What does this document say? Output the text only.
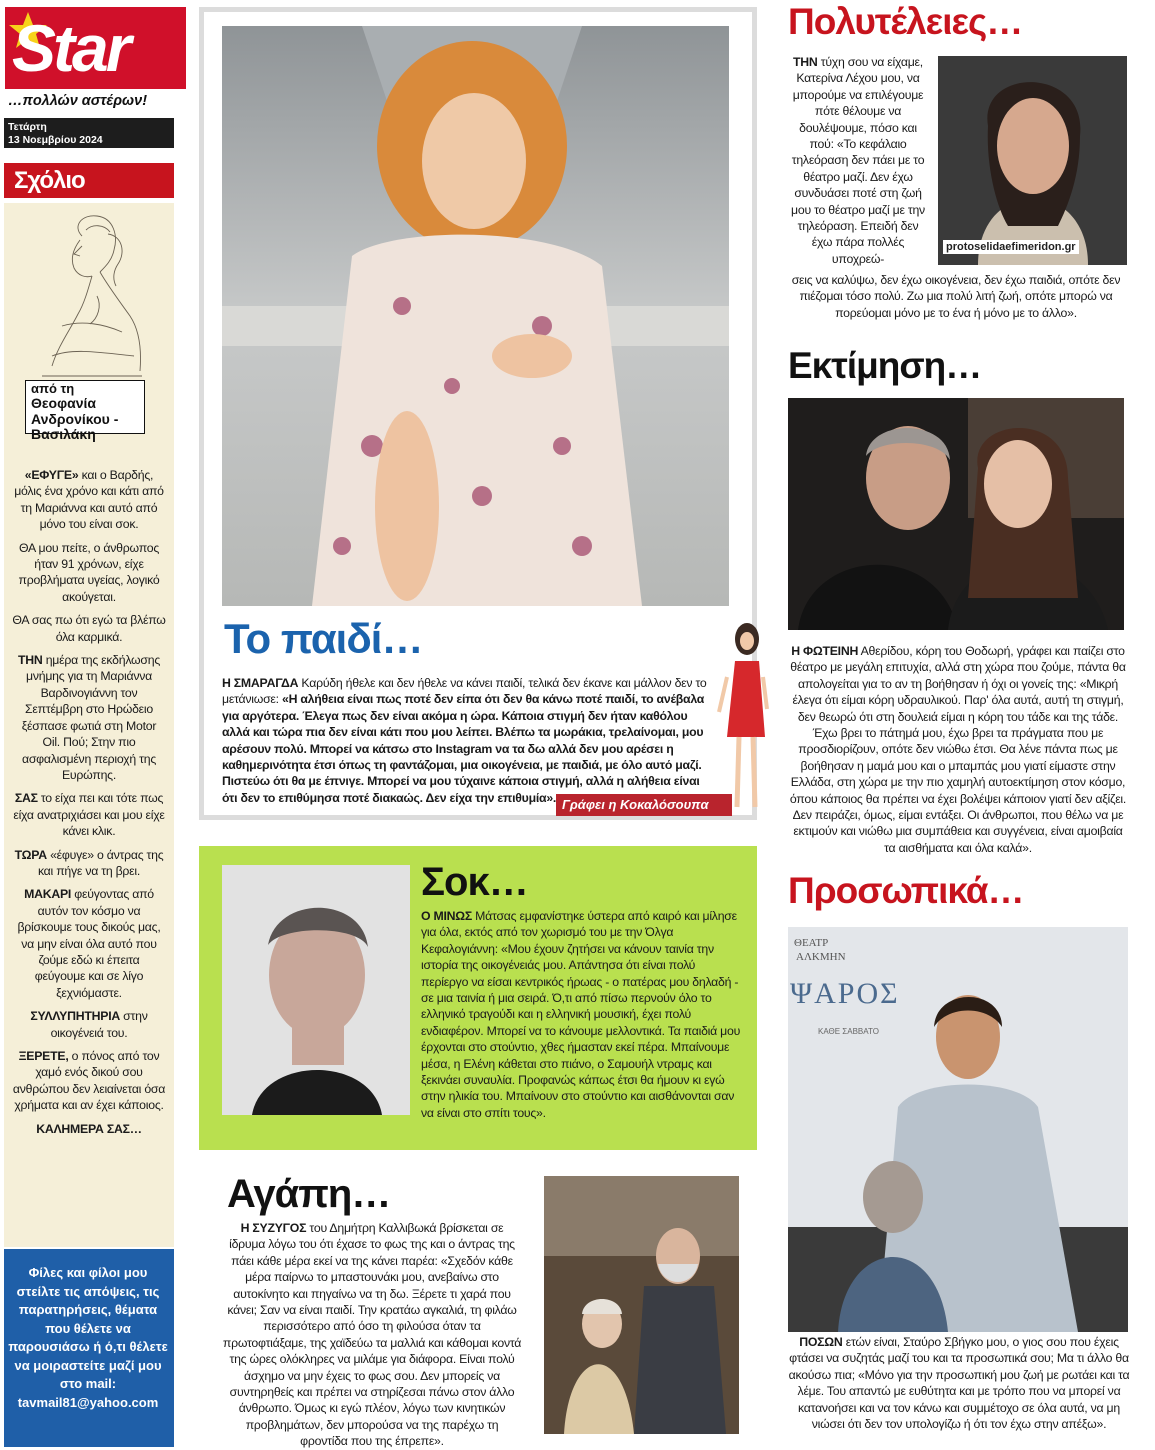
Star
…πολλών αστέρων!
Τετάρτη
13 Νοεμβρίου 2024
Σχόλιο
από τη
Θεοφανία Ανδρονίκου - Βασιλάκη

«ΕΦΥΓΕ» και ο Βαρδής, μόλις ένα χρόνο και κάτι από τη Μαριάννα και αυτό από μόνο του είναι σοκ.

ΘΑ μου πείτε, ο άνθρωπος ήταν 91 χρόνων, είχε προβλήματα υγείας, λογικό ακούγεται.

ΘΑ σας πω ότι εγώ τα βλέπω όλα καρμικά.

ΤΗΝ ημέρα της εκδήλωσης μνήμης για τη Μαριάννα Βαρδινογιάννη τον Σεπτέμβρη στο Ηρώδειο ξέσπασε φωτιά στη Motor Oil. Πού; Στην πιο ασφαλισμένη περιοχή της Ευρώπης.

ΣΑΣ το είχα πει και τότε πως είχα ανατριχιάσει και μου είχε κάνει κλικ.

ΤΩΡΑ «έφυγε» ο άντρας της και πήγε να τη βρει.

ΜΑΚΑΡΙ φεύγοντας από αυτόν τον κόσμο να βρίσκουμε τους δικούς μας, να μην είναι όλα αυτό που ζούμε εδώ κι έπειτα φεύγουμε και σε λίγο ξεχνιόμαστε.

ΣΥΛΛΥΠΗΤΗΡΙΑ στην οικογένειά του.

ΞΕΡΕΤΕ, ο πόνος από τον χαμό ενός δικού σου ανθρώπου δεν λειαίνεται όσα χρήματα και αν έχει κάποιος.

ΚΑΛΗΜΕΡΑ ΣΑΣ…

Φίλες και φίλοι μου στείλτε τις απόψεις, τις παρατηρήσεις, θέματα που θέλετε να παρουσιάσω ή ό,τι θέλετε να μοιραστείτε μαζί μου στο mail: tavmail81@yahoo.com
Το παιδί…
Η ΣΜΑΡΑΓΔΑ Καρύδη ήθελε και δεν ήθελε να κάνει παιδί, τελικά δεν έκανε και μάλλον δεν το μετάνιωσε: «Η αλήθεια είναι πως ποτέ δεν είπα ότι δεν θα κάνω ποτέ παιδί, το ανέβαλα για αργότερα. Έλεγα πως δεν είναι ακόμα η ώρα. Κάποια στιγμή δεν ήταν καθόλου αλλά και τώρα πια δεν είναι κάτι που μου λείπει. Βλέπω τα μωράκια, τρελαίνομαι, μου αρέσουν πολύ. Μπορεί να κάτσω στο Instagram να τα δω αλλά δεν μου αρέσει η καθημερινότητα έτσι όπως τη φαντάζομαι, μια οικογένεια, με παιδιά, με όλο αυτό μαζί. Πιστεύω ότι θα με έπνιγε. Μπορεί να μου τύχαινε κάποια στιγμή, αλλά η αλήθεια είναι ότι δεν το επιθύμησα ποτέ διακαώς. Δεν είχα την επιθυμία». Γράφει η Κοκαλόσουπα
Σοκ…
Ο ΜΙΝΩΣ Μάτσας εμφανίστηκε ύστερα από καιρό και μίλησε για όλα, εκτός από τον χωρισμό του με την Όλγα Κεφαλογιάννη: «Μου έχουν ζητήσει να κάνουν ταινία την ιστορία της οικογένειάς μου. Απάντησα ότι είναι πολύ περίεργο να είσαι κεντρικός ήρωας - ο πατέρας μου δηλαδή - σε μια ταινία ή μια σειρά. Ό,τι από πίσω περνούν όλο το ελληνικό τραγούδι και η ελληνική μουσική, έχει πολύ ενδιαφέρον. Μπορεί να το κάνουμε μελλοντικά. Τα παιδιά μου έρχονται στο στούντιο, χθες ήμασταν εκεί πέρα. Μπαίνουμε μέσα, η Ελένη κάθεται στο πιάνο, ο Σαμουήλ ντραμς και ξεκινάει συναυλία. Προφανώς κάπως έτσι θα ήμουν κι εγώ στην ηλικία του. Μπαίνουν στο στούντιο και αισθάνονται σαν να είναι στο σπίτι τους».
Αγάπη…
Η ΣΥΖΥΓΟΣ του Δημήτρη Καλλιβωκά βρίσκεται σε ίδρυμα λόγω του ότι έχασε το φως της και ο άντρας της πάει κάθε μέρα εκεί να της κάνει παρέα: «Σχεδόν κάθε μέρα παίρνω το μπαστουνάκι μου, ανεβαίνω στο αυτοκίνητο και πηγαίνω να τη δω. Ξέρετε τι χαρά που κάνει; Σαν να είναι παιδί. Την κρατάω αγκαλιά, τη φιλάω περισσότερο από όσο τη φιλούσα όταν τα πρωτοφτιάξαμε, της χαϊδεύω τα μαλλιά και κάθομαι κοντά της ώρες ολόκληρες να μιλάμε για διάφορα. Είναι πολύ άσχημο να μην έχεις το φως σου. Δεν μπορείς να συντηρηθείς και πρέπει να στηρίζεσαι πάνω στον άλλο άνθρωπο. Όμως κι εγώ πλέον, λόγω των κινητικών προβλημάτων, δεν μπορούσα να της παρέχω τη φροντίδα που της έπρεπε».
Πολυτέλειες…
ΤΗΝ τύχη σου να είχαμε, Κατερίνα Λέχου μου, να μπορούμε να επιλέγουμε πότε θέλουμε να δουλέψουμε, πόσο και πού: «Το κεφάλαιο τηλεόραση δεν πάει με το θέατρο μαζί. Δεν έχω συνδυάσει ποτέ στη ζωή μου το θέατρο μαζί με την τηλεόραση. Επειδή δεν έχω πάρα πολλές υποχρεώ-
protoselidaefimeridon.gr
σεις να καλύψω, δεν έχω οικογένεια, δεν έχω παιδιά, οπότε δεν πιέζομαι τόσο πολύ. Ζω μια πολύ λιτή ζωή, οπότε μπορώ να πορεύομαι μόνο με το ένα ή μόνο με το άλλο».
Εκτίμηση…
Η ΦΩΤΕΙΝΗ Αθερίδου, κόρη του Θοδωρή, γράφει και παίζει στο θέατρο με μεγάλη επιτυχία, αλλά στη χώρα που ζούμε, πάντα θα απολογείται για το αν τη βοήθησαν ή όχι οι γονείς της: «Μικρή έλεγα ότι είμαι κόρη υδραυλικού. Παρ' όλα αυτά, αυτή τη στιγμή, δεν θεωρώ ότι στη δουλειά είμαι η κόρη του τάδε και της τάδε. Έχω βρει το πάτημά μου, έχω βρει τα πράγματα που με προσδιορίζουν, οπότε δεν νιώθω έτσι. Θα λένε πάντα πως με βοήθησαν η μαμά μου και ο μπαμπάς μου γιατί είμαστε στην Ελλάδα, στη χώρα με την πιο χαμηλή αυτοεκτίμηση στον κόσμο, όπου κάποιος θα πρέπει να έχει βολέψει κάποιον γιατί δεν αξίζει. Δεν πειράζει, όμως, είμαι εντάξει. Οι άνθρωποι, που θέλω να με εκτιμούν και νιώθω μια συμπάθεια και συγγένεια, είναι αμοιβαία τα αισθήματα και όλα καλά».
Προσωπικά…
ΘΕΑΤΡ
ΑΛΚΜΗΝ
ΨΑΡΟΣ
ΚΑΘΕ ΣΑΒΒΑΤΟ
ΠΟΣΩΝ ετών είναι, Σταύρο Σβήγκο μου, ο γιος σου που έχεις φτάσει να συζητάς μαζί του και τα προσωπικά σου; Μα τι άλλο θα ακούσω πια; «Μόνο για την προσωπική μου ζωή με ρωτάει και τα λέμε. Του απαντώ με ευθύτητα και με τρόπο που να μπορεί να κατανοήσει και να τον κάνω και συμμέτοχο σε όλα αυτά, να μη νιώσει ότι δεν τον υπολογίζω ή ότι τον έχω στην απέξω».
